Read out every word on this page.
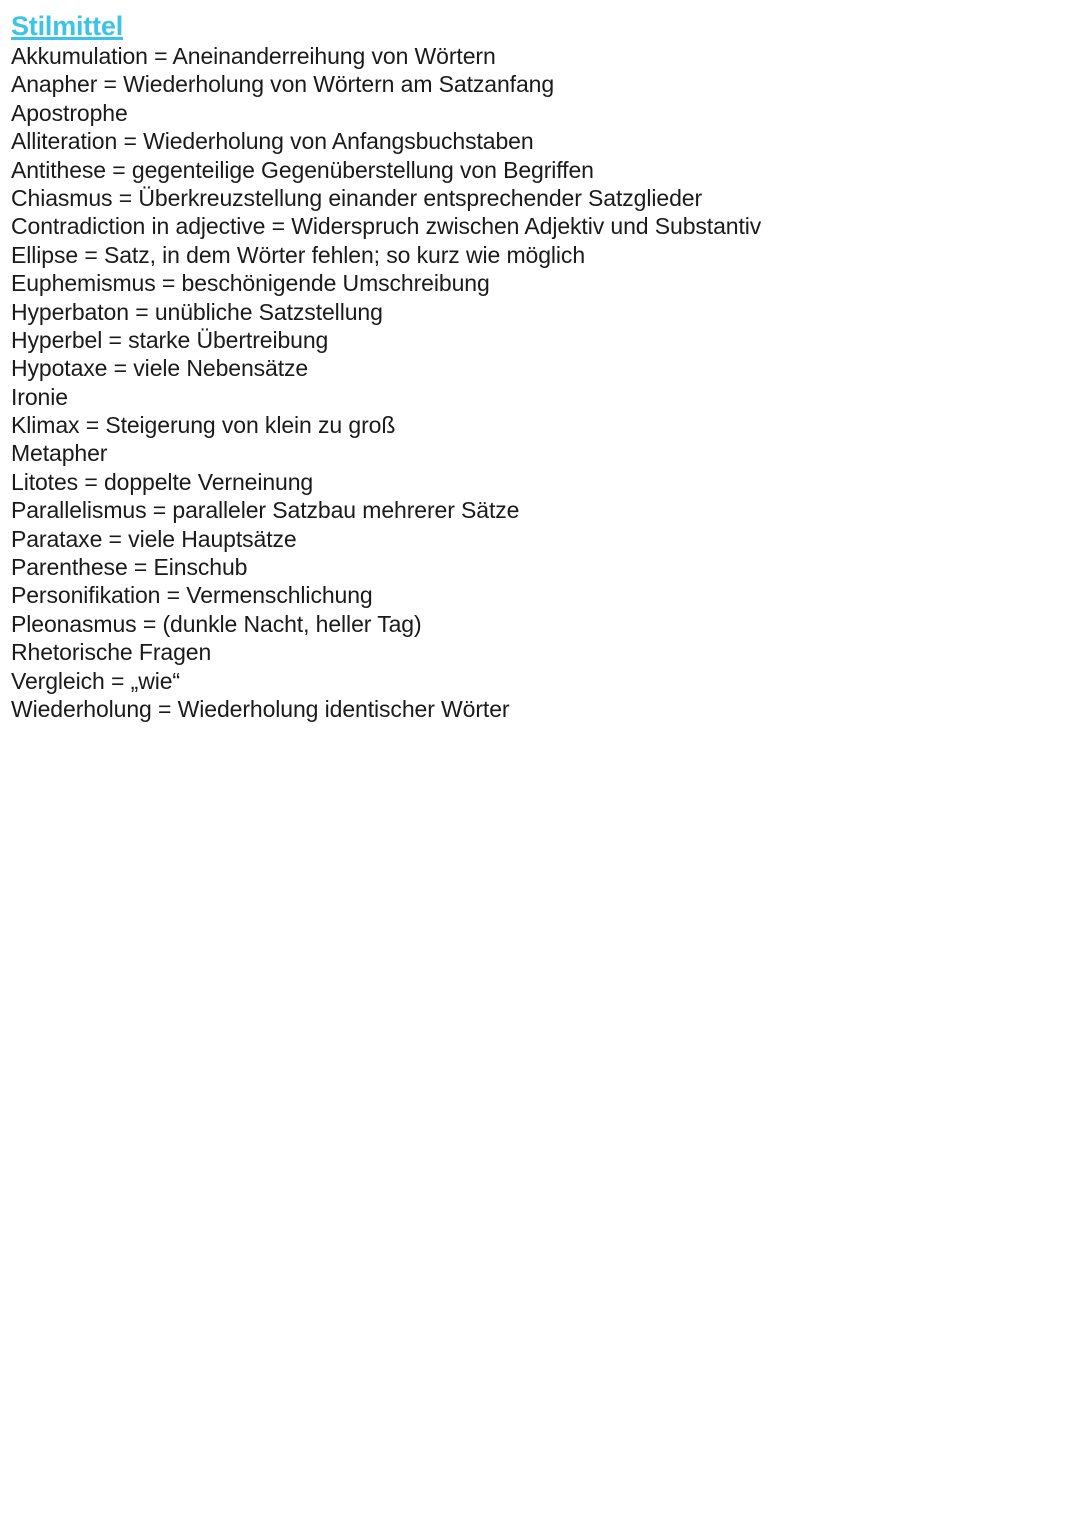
Stilmittel
Akkumulation = Aneinanderreihung von Wörtern
Anapher = Wiederholung von Wörtern am Satzanfang
Apostrophe
Alliteration = Wiederholung von Anfangsbuchstaben
Antithese = gegenteilige Gegenüberstellung von Begriffen
Chiasmus = Überkreuzstellung einander entsprechender Satzglieder
Contradiction in adjective = Widerspruch zwischen Adjektiv und Substantiv
Ellipse = Satz, in dem Wörter fehlen; so kurz wie möglich
Euphemismus = beschönigende Umschreibung
Hyperbaton = unübliche Satzstellung
Hyperbel = starke Übertreibung
Hypotaxe = viele Nebensätze
Ironie
Klimax = Steigerung von klein zu groß
Metapher
Litotes = doppelte Verneinung
Parallelismus = paralleler Satzbau mehrerer Sätze
Parataxe = viele Hauptsätze
Parenthese = Einschub
Personifikation = Vermenschlichung
Pleonasmus = (dunkle Nacht, heller Tag)
Rhetorische Fragen
Vergleich = „wie“
Wiederholung = Wiederholung identischer Wörter
